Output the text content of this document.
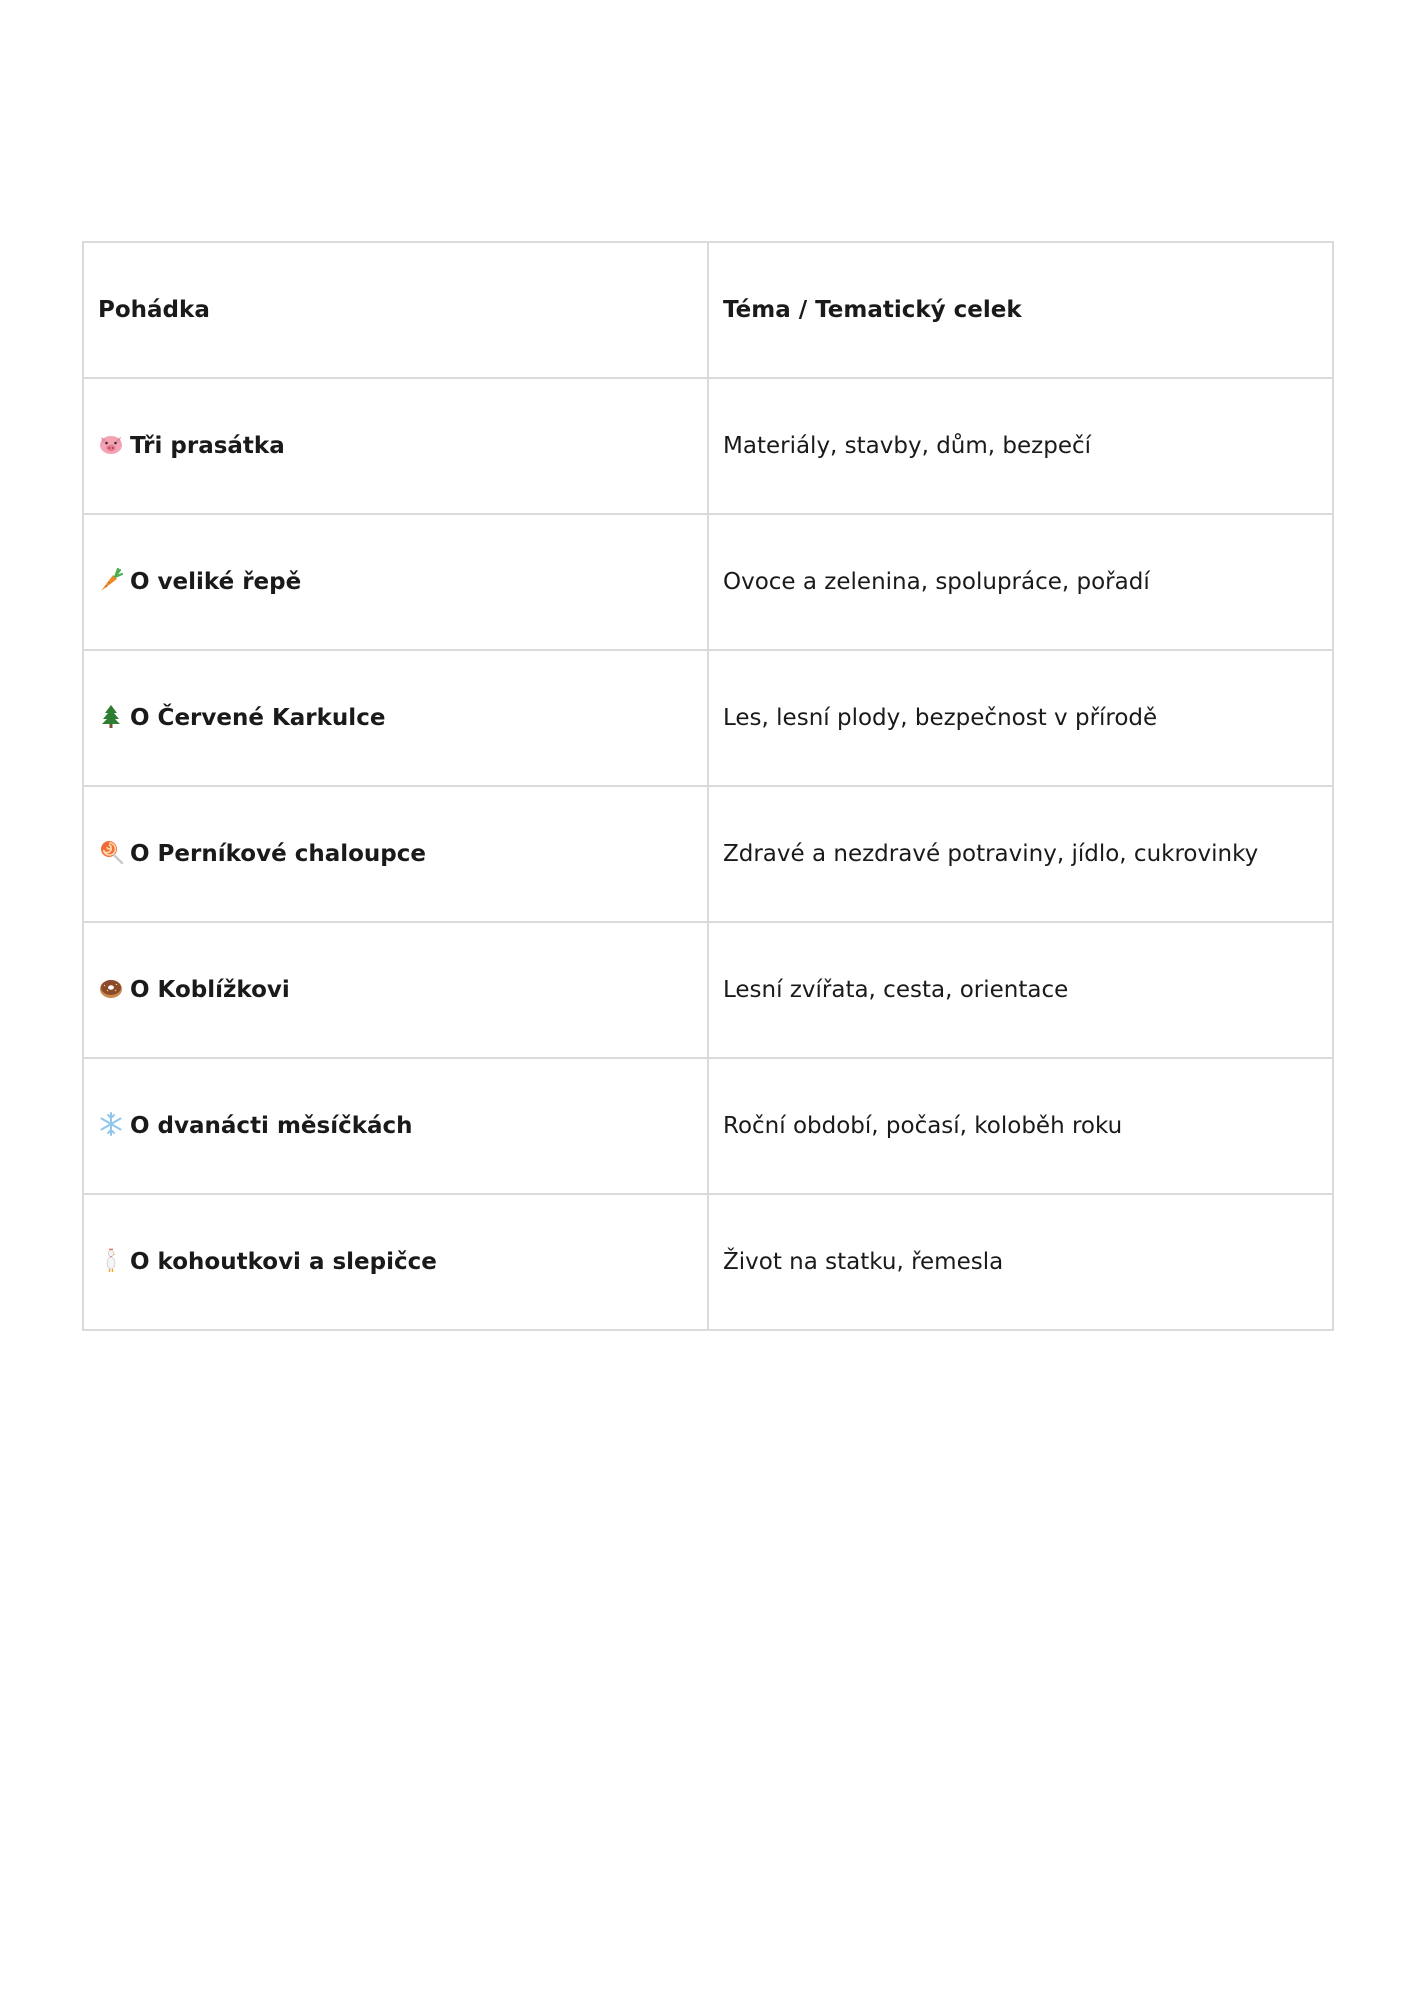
Pohádka	Téma / Tematický celek

Tři prasátka	Materiály, stavby, dům, bezpečí

O veliké řepě	Ovoce a zelenina, spolupráce, pořadí

O Červené Karkulce	Les, lesní plody, bezpečnost v přírodě

O Perníkové chaloupce	Zdravé a nezdravé potraviny, jídlo, cukrovinky

O Koblížkovi	Lesní zvířata, cesta, orientace

O dvanácti měsíčkách	Roční období, počasí, koloběh roku

O kohoutkovi a slepičce	Život na statku, řemesla
